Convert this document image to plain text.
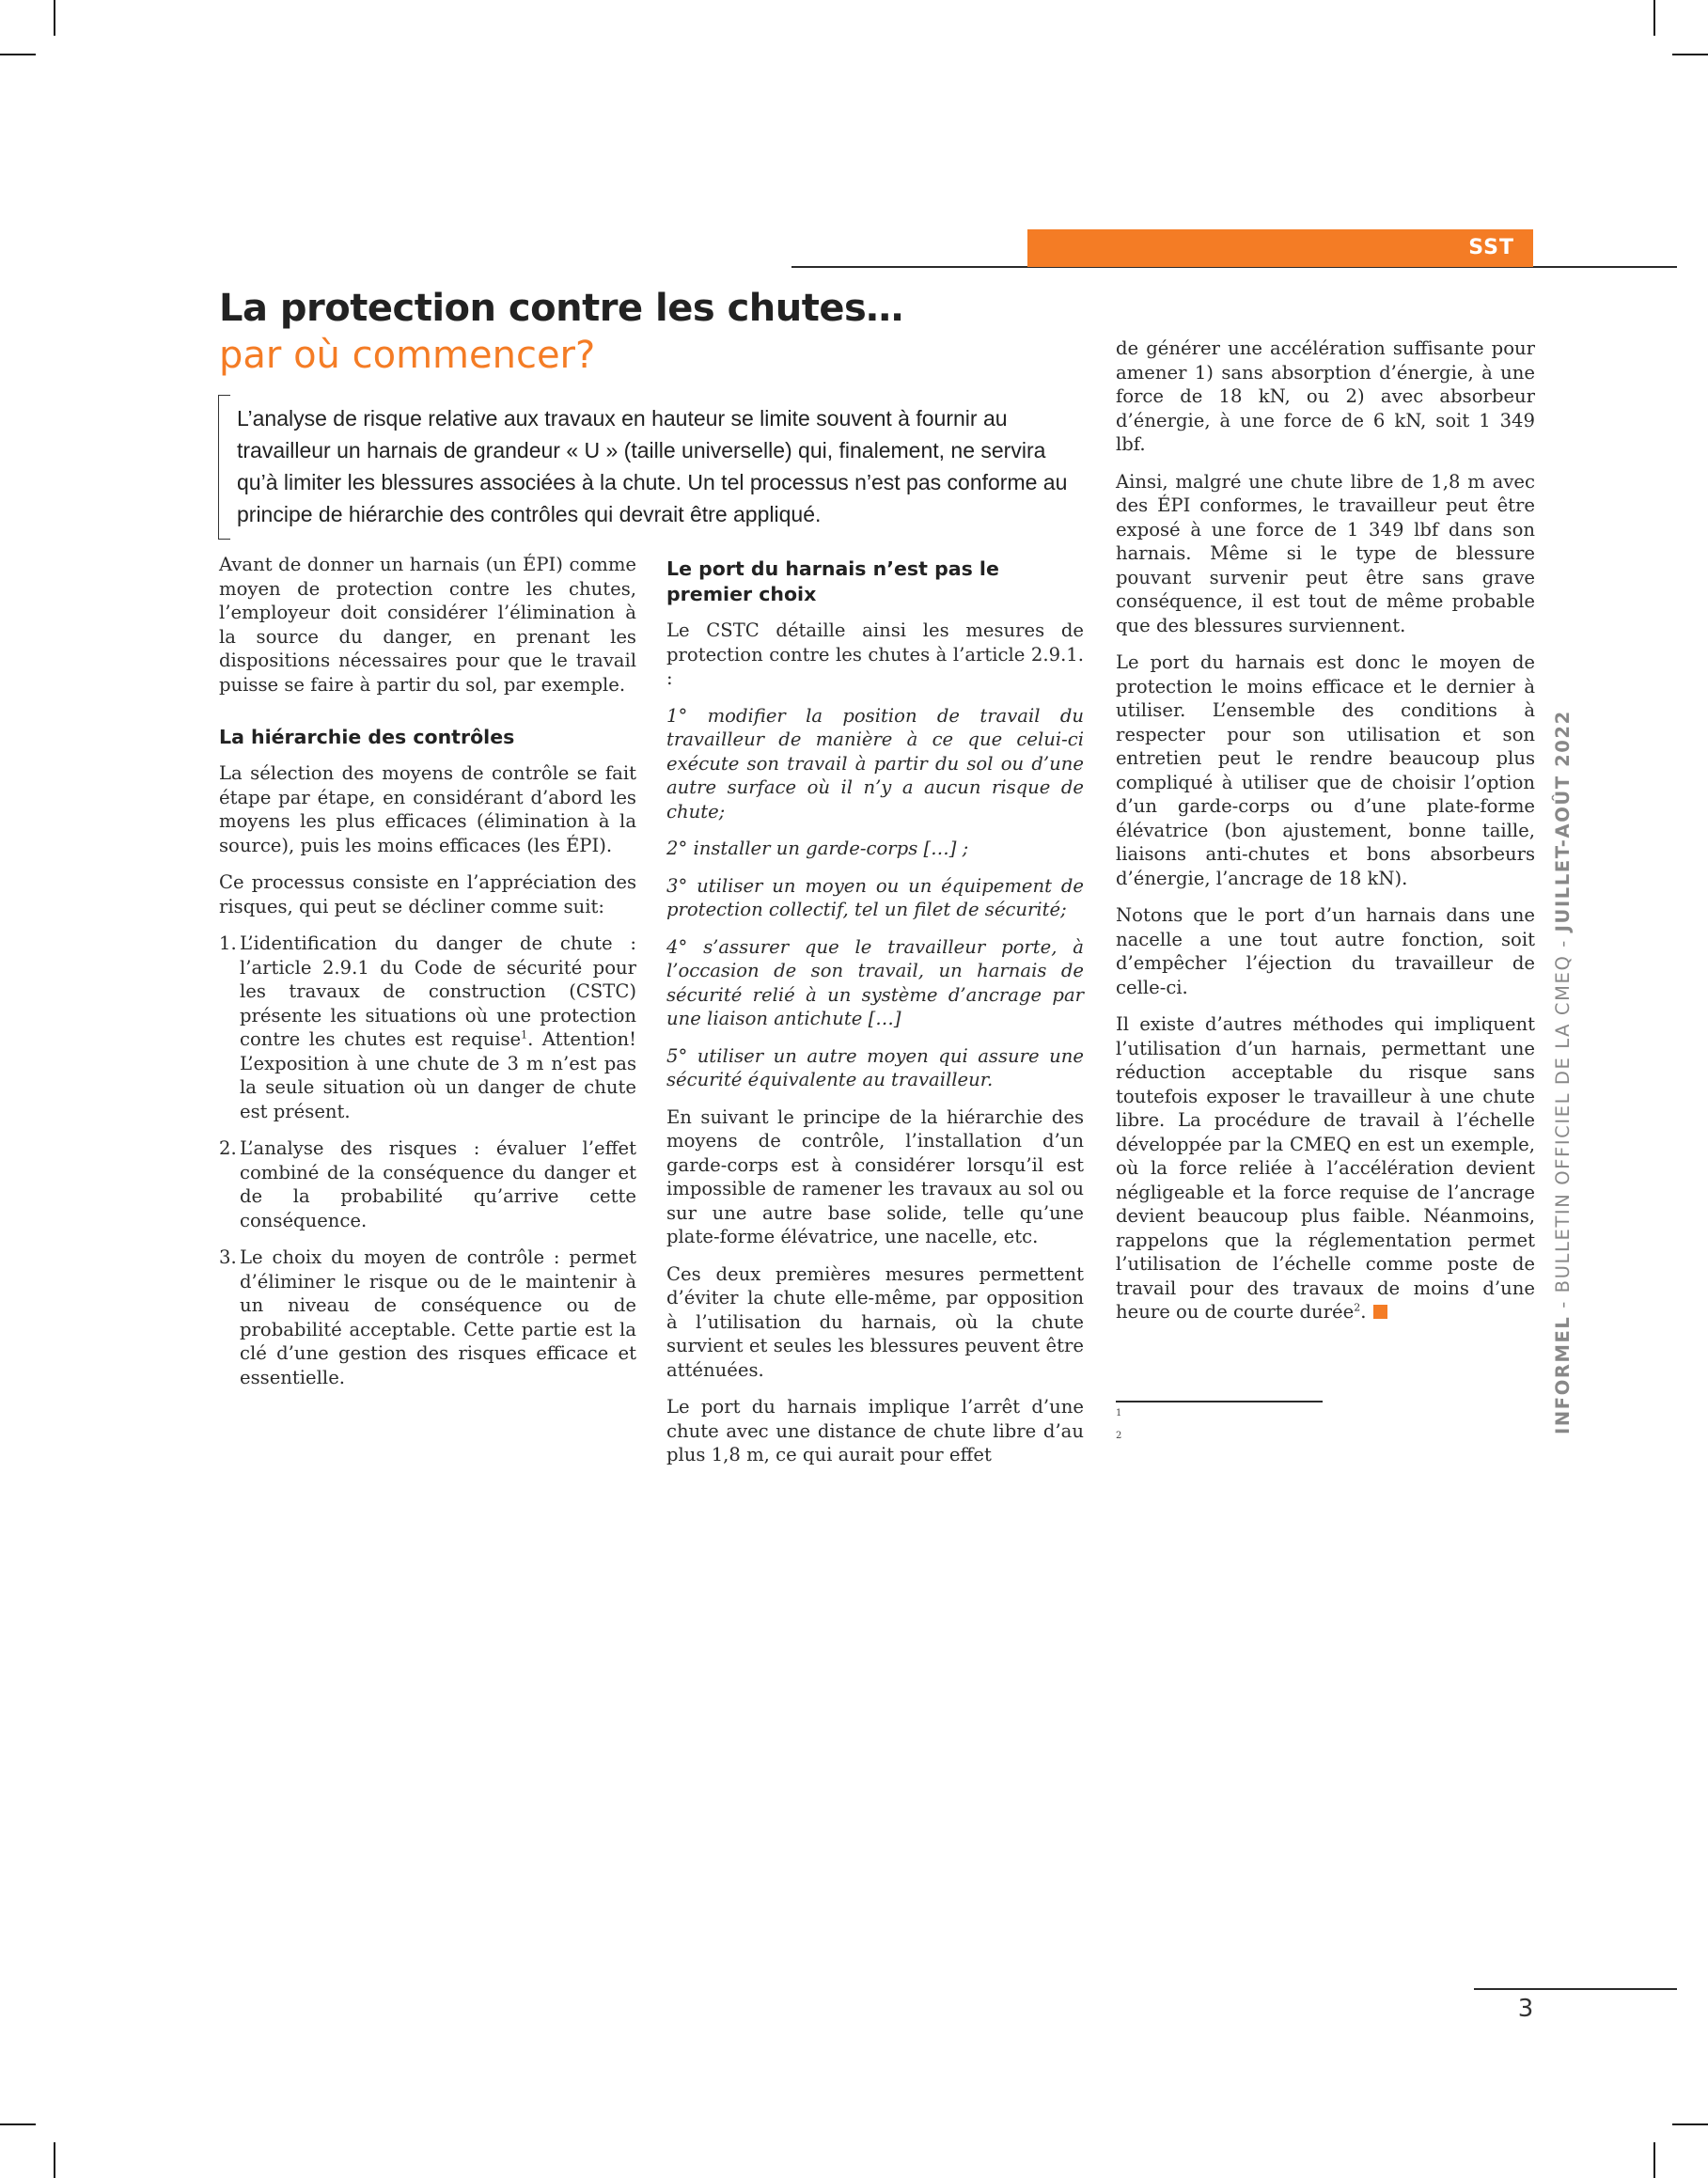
SST
La protection contre les chutes…
par où commencer?
L’analyse de risque relative aux travaux en hauteur se limite souvent à fournir au travailleur un harnais de grandeur « U » (taille universelle) qui, finalement, ne servira qu’à limiter les blessures associées à la chute. Un tel processus n’est pas conforme au principe de hiérarchie des contrôles qui devrait être appliqué.

Avant de donner un harnais (un ÉPI) comme moyen de protection contre les chutes, l’employeur doit considérer l’élimination à la source du danger, en prenant les dispositions nécessaires pour que le travail puisse se faire à partir du sol, par exemple.

La hiérarchie des contrôles

La sélection des moyens de contrôle se fait étape par étape, en considérant d’abord les moyens les plus efficaces (élimination à la source), puis les moins efficaces (les ÉPI).

Ce processus consiste en l’appréciation des risques, qui peut se décliner comme suit:

1. L’identification du danger de chute : l’article 2.9.1 du Code de sécurité pour les travaux de construction (CSTC) présente les situations où une protection contre les chutes est requise$^1$. Attention! L’exposition à une chute de 3 m n’est pas la seule situation où un danger de chute est présent.
2. L’analyse des risques : évaluer l’effet combiné de la conséquence du danger et de la probabilité qu’arrive cette conséquence.
3. Le choix du moyen de contrôle : permet d’éliminer le risque ou de le maintenir à un niveau de conséquence ou de probabilité acceptable. Cette partie est la clé d’une gestion des risques efficace et essentielle.
Le port du harnais n’est pas le premier choix

Le CSTC détaille ainsi les mesures de protection contre les chutes à l’article 2.9.1. :

1° modifier la position de travail du travailleur de manière à ce que celui-ci exécute son travail à partir du sol ou d’une autre surface où il n’y a aucun risque de chute;

2° installer un garde-corps […] ;

3° utiliser un moyen ou un équipement de protection collectif, tel un filet de sécurité;

4° s’assurer que le travailleur porte, à l’occasion de son travail, un harnais de sécurité relié à un système d’ancrage par une liaison antichute […]

5° utiliser un autre moyen qui assure une sécurité équivalente au travailleur.

En suivant le principe de la hiérarchie des moyens de contrôle, l’installation d’un garde-corps est à considérer lorsqu’il est impossible de ramener les travaux au sol ou sur une autre base solide, telle qu’une plate-forme élévatrice, une nacelle, etc.

Ces deux premières mesures permettent d’éviter la chute elle-même, par opposition à l’utilisation du harnais, où la chute survient et seules les blessures peuvent être atténuées.

Le port du harnais implique l’arrêt d’une chute avec une distance de chute libre d’au plus 1,8 m, ce qui aurait pour effet

de générer une accélération suffisante pour amener 1) sans absorption d’énergie, à une force de 18 kN, ou 2) avec absorbeur d’énergie, à une force de 6 kN, soit 1 349 lbf.

Ainsi, malgré une chute libre de 1,8 m avec des ÉPI conformes, le travailleur peut être exposé à une force de 1 349 lbf dans son harnais. Même si le type de blessure pouvant survenir peut être sans grave conséquence, il est tout de même probable que des blessures surviennent.

Le port du harnais est donc le moyen de protection le moins efficace et le dernier à utiliser. L’ensemble des conditions à respecter pour son utilisation et son entretien peut le rendre beaucoup plus compliqué à utiliser que de choisir l’option d’un garde-corps ou d’une plate-forme élévatrice (bon ajustement, bonne taille, liaisons anti-chutes et bons absorbeurs d’énergie, l’ancrage de 18 kN).

Notons que le port d’un harnais dans une nacelle a une tout autre fonction, soit d’empêcher l’éjection du travailleur de celle-ci.

Il existe d’autres méthodes qui impliquent l’utilisation d’un harnais, permettant une réduction acceptable du risque sans toutefois exposer le travailleur à une chute libre. La procédure de travail à l’échelle développée par la CMEQ en est un exemple, où la force reliée à l’accélération devient négligeable et la force requise de l’ancrage devient beaucoup plus faible. Néanmoins, rappelons que la réglementation permet l’utilisation de l’échelle comme poste de travail pour des travaux de moins d’une heure ou de courte durée$^2$.

1
2
INFORMEL - BULLETIN OFFICIEL DE LA CMEQ - JUILLET-AOÛT 2022
3
